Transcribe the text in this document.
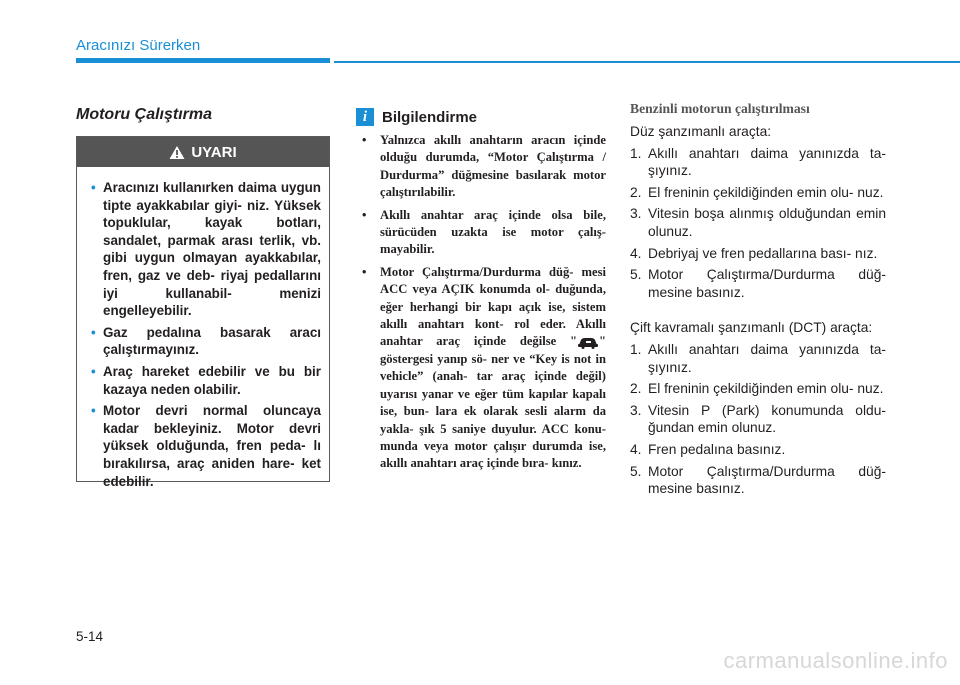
Aracınızı Sürerken
Motoru Çalıştırma
UYARI
• Aracınızı kullanırken daima uygun tipte ayakkabılar giyi- niz. Yüksek topuklular, kayak botları, sandalet, parmak arası terlik, vb. gibi uygun olmayan ayakkabılar, fren, gaz ve deb- riyaj pedallarını iyi kullanabil- menizi engelleyebilir.
• Gaz pedalına basarak aracı çalıştırmayınız.
• Araç hareket edebilir ve bu bir kazaya neden olabilir.
• Motor devri normal oluncaya kadar bekleyiniz. Motor devri yüksek olduğunda, fren peda- lı bırakılırsa, araç aniden hare- ket edebilir.
i Bilgilendirme
• Yalnızca akıllı anahtarın aracın içinde olduğu durumda, “Motor Çalıştırma / Durdurma” düğmesine basılarak motor çalıştırılabilir.
• Akıllı anahtar araç içinde olsa bile, sürücüden uzakta ise motor çalış- mayabilir.
• Motor Çalıştırma/Durdurma düğ- mesi ACC veya AÇIK konumda ol- duğunda, eğer herhangi bir kapı açık ise, sistem akıllı anahtarı kont- rol eder. Akıllı anahtar araç içinde değilse " " göstergesi yanıp sö- ner ve “Key is not in vehicle” (anah- tar araç içinde değil) uyarısı yanar ve eğer tüm kapılar kapalı ise, bun- lara ek olarak sesli alarm da yakla- şık 5 saniye duyulur. ACC konu- munda veya motor çalışır durumda ise, akıllı anahtarı araç içinde bıra- kınız.
Benzinli motorun çalıştırılması
Düz şanzımanlı araçta:
1. Akıllı anahtarı daima yanınızda ta- şıyınız.
2. El freninin çekildiğinden emin olu- nuz.
3. Vitesin boşa alınmış olduğundan emin olunuz.
4. Debriyaj ve fren pedallarına bası- nız.
5. Motor Çalıştırma/Durdurma düğ- mesine basınız.
Çift kavramalı şanzımanlı (DCT) araçta:
1. Akıllı anahtarı daima yanınızda ta- şıyınız.
2. El freninin çekildiğinden emin olu- nuz.
3. Vitesin P (Park) konumunda oldu- ğundan emin olunuz.
4. Fren pedalına basınız.
5. Motor Çalıştırma/Durdurma düğ- mesine basınız.
5-14
carmanualsonline.info
